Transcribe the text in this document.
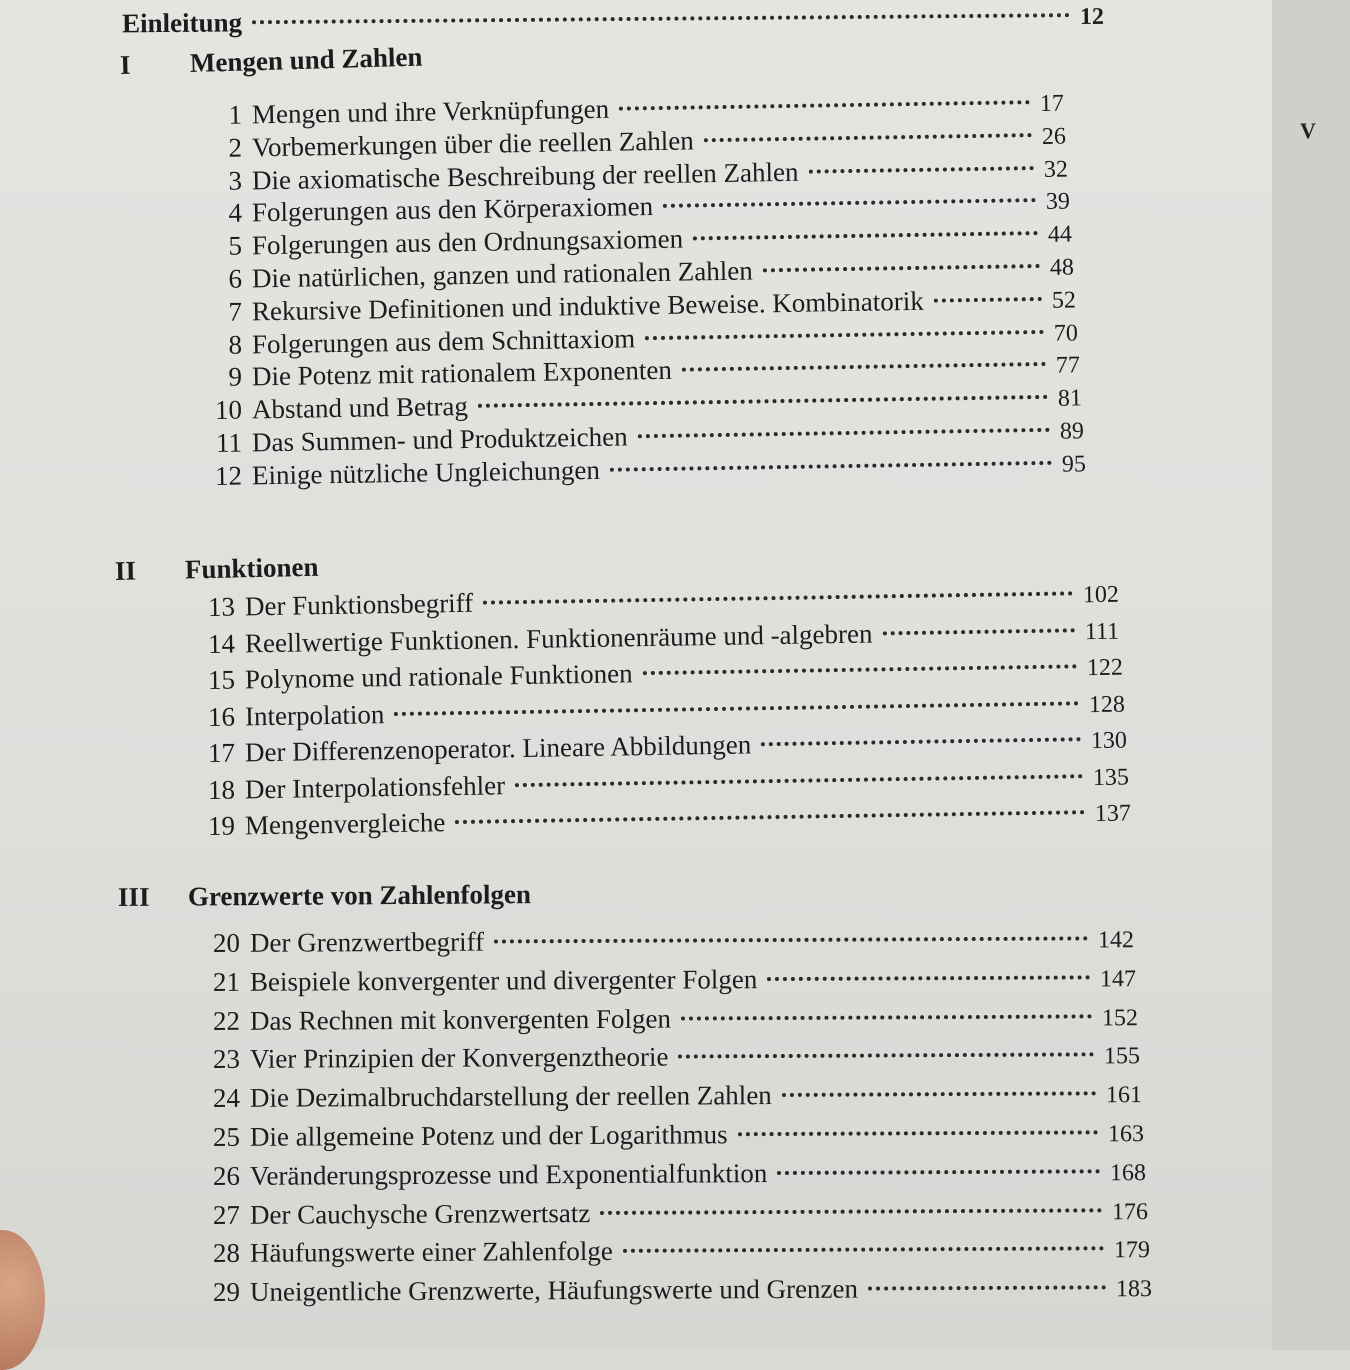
V
Einleitung	12
I	Mengen und Zahlen
1 Mengen und ihre Verknüpfungen	17
2 Vorbemerkungen über die reellen Zahlen	26
3 Die axiomatische Beschreibung der reellen Zahlen	32
4 Folgerungen aus den Körperaxiomen	39
5 Folgerungen aus den Ordnungsaxiomen	44
6 Die natürlichen, ganzen und rationalen Zahlen	48
7 Rekursive Definitionen und induktive Beweise. Kombinatorik	52
8 Folgerungen aus dem Schnittaxiom	70
9 Die Potenz mit rationalem Exponenten	77
10 Abstand und Betrag	81
11 Das Summen- und Produktzeichen	89
12 Einige nützliche Ungleichungen	95
II	Funktionen
13 Der Funktionsbegriff	102
14 Reellwertige Funktionen. Funktionenräume und -algebren	111
15 Polynome und rationale Funktionen	122
16 Interpolation	128
17 Der Differenzenoperator. Lineare Abbildungen	130
18 Der Interpolationsfehler	135
19 Mengenvergleiche	137
III	Grenzwerte von Zahlenfolgen
20 Der Grenzwertbegriff	142
21 Beispiele konvergenter und divergenter Folgen	147
22 Das Rechnen mit konvergenten Folgen	152
23 Vier Prinzipien der Konvergenztheorie	155
24 Die Dezimalbruchdarstellung der reellen Zahlen	161
25 Die allgemeine Potenz und der Logarithmus	163
26 Veränderungsprozesse und Exponentialfunktion	168
27 Der Cauchysche Grenzwertsatz	176
28 Häufungswerte einer Zahlenfolge	179
29 Uneigentliche Grenzwerte, Häufungswerte und Grenzen	183
